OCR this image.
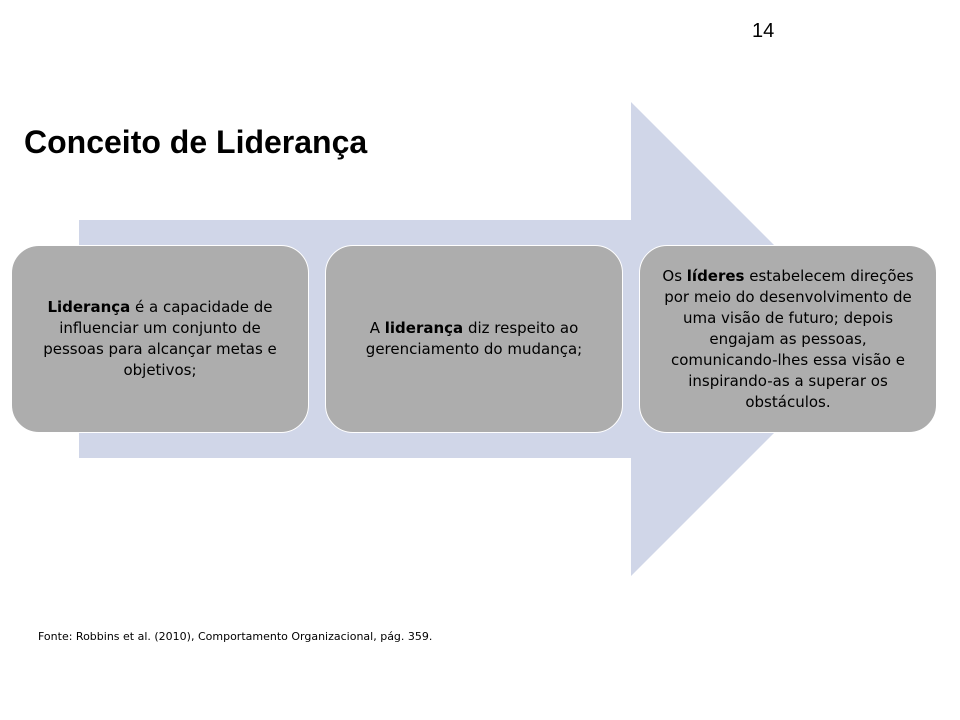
14
Conceito de Liderança

Liderança é a capacidade de influenciar um conjunto de pessoas para alcançar metas e objetivos;

A liderança diz respeito ao gerenciamento do mudança;

Os líderes estabelecem direções por meio do desenvolvimento de uma visão de futuro; depois engajam as pessoas, comunicando-lhes essa visão e inspirando-as a superar os obstáculos.

Fonte: Robbins et al. (2010), Comportamento Organizacional, pág. 359.
